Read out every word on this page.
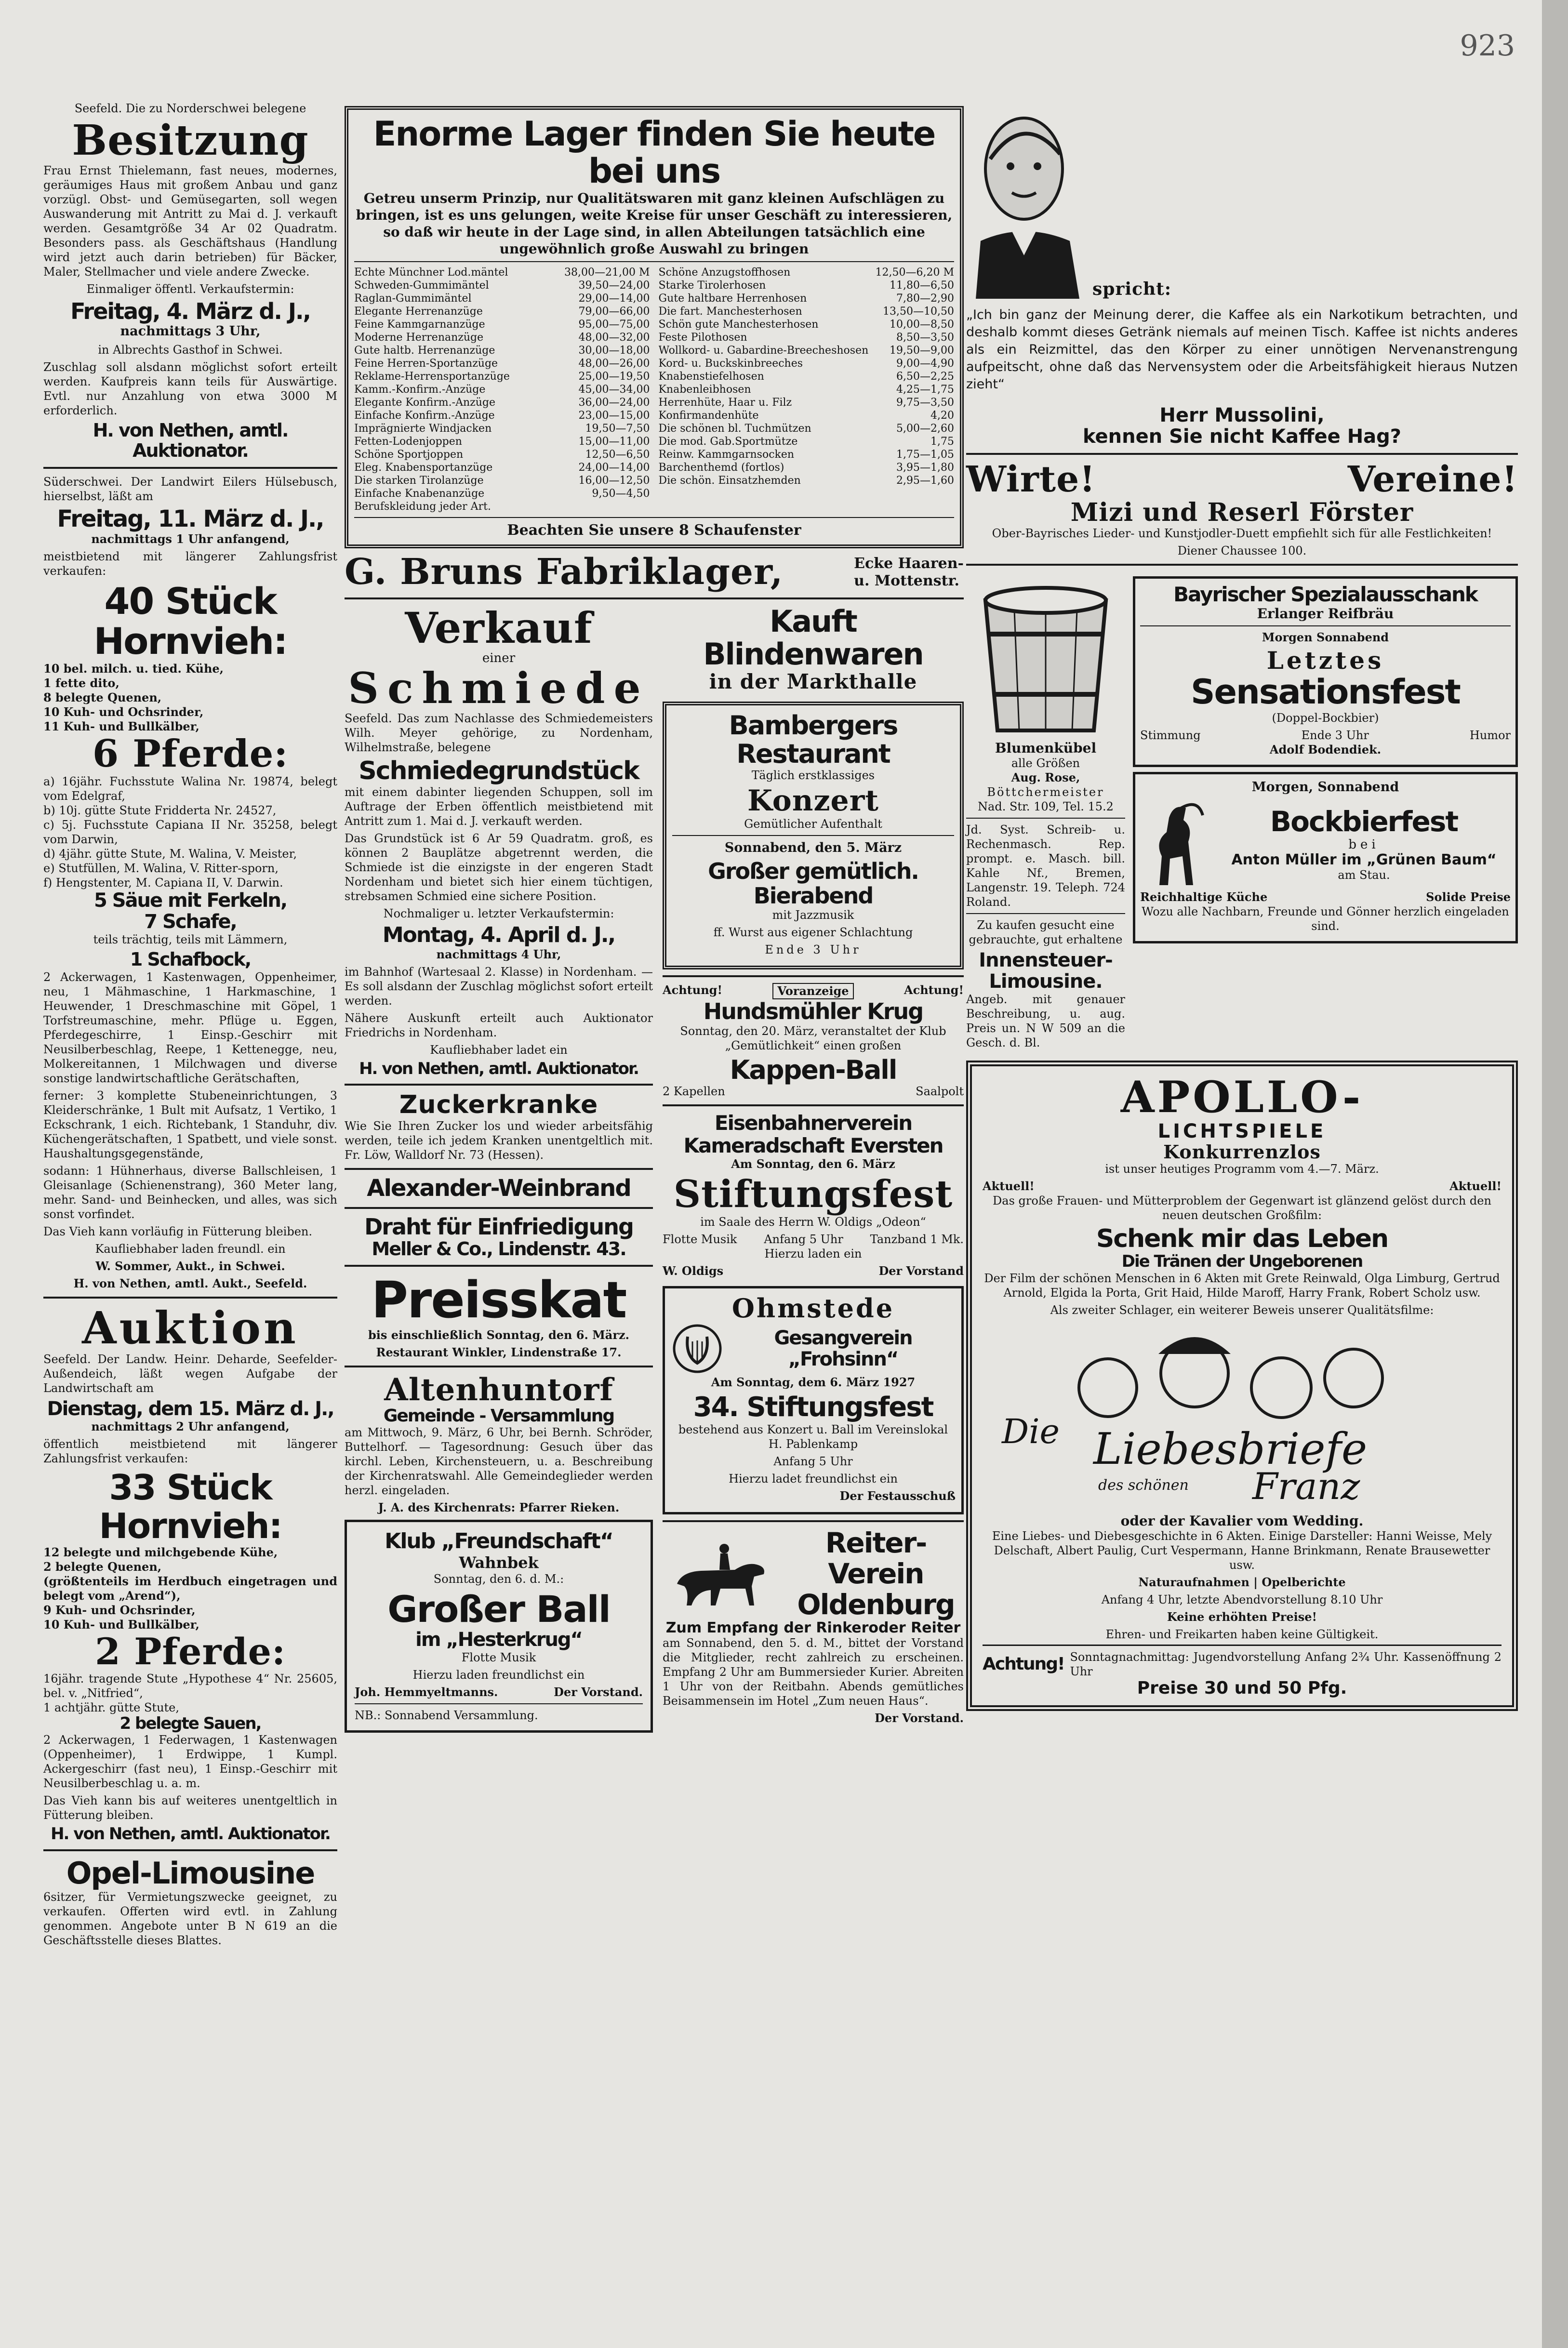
923

Seefeld. Die zu Norderschwei belegene

Besitzung

Frau Ernst Thielemann, fast neues, modernes, geräumiges Haus mit großem Anbau und ganz vorzügl. Obst- und Gemüsegarten, soll wegen Auswanderung mit Antritt zu Mai d. J. verkauft werden. Gesamtgröße 34 Ar 02 Quadratm. Besonders pass. als Geschäftshaus (Handlung wird jetzt auch darin betrieben) für Bäcker, Maler, Stellmacher und viele andere Zwecke.

Einmaliger öffentl. Verkaufstermin:

Freitag, 4. März d. J.,

nachmittags 3 Uhr,

in Albrechts Gasthof in Schwei.

Zuschlag soll alsdann möglichst sofort erteilt werden. Kaufpreis kann teils für Auswärtige. Evtl. nur Anzahlung von etwa 3000 M erforderlich.

H. von Nethen, amtl. Auktionator.

Süderschwei. Der Landwirt Eilers Hülsebusch, hierselbst, läßt am

Freitag, 11. März d. J.,

nachmittags 1 Uhr anfangend,

meistbietend mit längerer Zahlungsfrist verkaufen:

40 Stück Hornvieh:
10 bel. milch. u. tied. Kühe,
1 fette dito,
8 belegte Quenen,
10 Kuh- und Ochsrinder,
11 Kuh- und Bullkälber,
6 Pferde:
a) 16jähr. Fuchsstute Walina Nr. 19874, belegt vom Edelgraf,
b) 10j. gütte Stute Fridderta Nr. 24527,
c) 5j. Fuchsstute Capiana II Nr. 35258, belegt vom Darwin,
d) 4jähr. gütte Stute, M. Walina, V. Meister,
e) Stutfüllen, M. Walina, V. Ritter-sporn,
f) Hengstenter, M. Capiana II, V. Darwin.
5 Säue mit Ferkeln,
7 Schafe,

teils trächtig, teils mit Lämmern,

1 Schafbock,

2 Ackerwagen, 1 Kastenwagen, Oppenheimer, neu, 1 Mähmaschine, 1 Harkmaschine, 1 Heuwender, 1 Dreschmaschine mit Göpel, 1 Torfstreumaschine, mehr. Pflüge u. Eggen, Pferdegeschirre, 1 Einsp.-Geschirr mit Neusilberbeschlag, Reepe, 1 Kettenegge, neu, Molkereitannen, 1 Milchwagen und diverse sonstige landwirtschaftliche Gerätschaften,

ferner: 3 komplette Stubeneinrichtungen, 3 Kleiderschränke, 1 Bult mit Aufsatz, 1 Vertiko, 1 Eckschrank, 1 eich. Richtebank, 1 Standuhr, div. Küchengerätschaften, 1 Spatbett, und viele sonst. Haushaltungsgegenstände,

sodann: 1 Hühnerhaus, diverse Ballschleisen, 1 Gleisanlage (Schienenstrang), 360 Meter lang, mehr. Sand- und Beinhecken, und alles, was sich sonst vorfindet.

Das Vieh kann vorläufig in Fütterung bleiben.

Kaufliebhaber laden freundl. ein

W. Sommer, Aukt., in Schwei.

H. von Nethen, amtl. Aukt., Seefeld.

Auktion

Seefeld. Der Landw. Heinr. Deharde, Seefelder-Außendeich, läßt wegen Aufgabe der Landwirtschaft am

Dienstag, dem 15. März d. J.,

nachmittags 2 Uhr anfangend,

öffentlich meistbietend mit längerer Zahlungsfrist verkaufen:

33 Stück Hornvieh:
12 belegte und milchgebende Kühe,
2 belegte Quenen,
(größtenteils im Herdbuch eingetragen und belegt vom „Arend“),
9 Kuh- und Ochsrinder,
10 Kuh- und Bullkälber,
2 Pferde:
16jähr. tragende Stute „Hypothese 4“ Nr. 25605, bel. v. „Nitfried“,
1 achtjähr. gütte Stute,
2 belegte Sauen,

2 Ackerwagen, 1 Federwagen, 1 Kastenwagen (Oppenheimer), 1 Erdwippe, 1 Kumpl. Ackergeschirr (fast neu), 1 Einsp.-Geschirr mit Neusilberbeschlag u. a. m.

Das Vieh kann bis auf weiteres unentgeltlich in Fütterung bleiben.

H. von Nethen, amtl. Auktionator.
Opel-Limousine

6sitzer, für Vermietungszwecke geeignet, zu verkaufen. Offerten wird evtl. in Zahlung genommen. Angebote unter B N 619 an die Geschäftsstelle dieses Blattes.

Enorme Lager finden Sie heute bei uns

Getreu unserm Prinzip, nur Qualitätswaren mit ganz kleinen Aufschlägen zu bringen, ist es uns gelungen, weite Kreise für unser Geschäft zu interessieren, so daß wir heute in der Lage sind, in allen Abteilungen tatsächlich eine ungewöhnlich große Auswahl zu bringen

Echte Münchner Lod.mäntel	38,00—21,00 M
Schweden-Gummimäntel	39,50—24,00
Raglan-Gummimäntel	29,00—14,00
Elegante Herrenanzüge	79,00—66,00
Feine Kammgarnanzüge	95,00—75,00
Moderne Herrenanzüge	48,00—32,00
Gute haltb. Herrenanzüge	30,00—18,00
Feine Herren-Sportanzüge	48,00—26,00
Reklame-Herrensportanzüge	25,00—19,50
Kamm.-Konfirm.-Anzüge	45,00—34,00
Elegante Konfirm.-Anzüge	36,00—24,00
Einfache Konfirm.-Anzüge	23,00—15,00
Imprägnierte Windjacken	19,50—7,50
Fetten-Lodenjoppen	15,00—11,00
Schöne Sportjoppen	12,50—6,50
Eleg. Knabensportanzüge	24,00—14,00
Die starken Tirolanzüge	16,00—12,50
Einfache Knabenanzüge	9,50—4,50
Berufskleidung jeder Art.
Schöne Anzugstoffhosen	12,50—6,20 M
Starke Tirolerhosen	11,80—6,50
Gute haltbare Herrenhosen	7,80—2,90
Die fart. Manchesterhosen	13,50—10,50
Schön gute Manchesterhosen	10,00—8,50
Feste Pilothosen	8,50—3,50
Wollkord- u. Gabardine-Breecheshosen 19,50—9,00
Kord- u. Buckskinbreeches	9,00—4,90
Knabenstiefelhosen	6,50—2,25
Knabenleibhosen	4,25—1,75
Herrenhüte, Haar u. Filz	9,75—3,50
Konfirmandenhüte	4,20
Die schönen bl. Tuchmützen	5,00—2,60
Die mod. Gab.Sportmütze	1,75
Reinw. Kammgarnsocken	1,75—1,05
Barchenthemd (fortlos)	3,95—1,80
Die schön. Einsatzhemden	2,95—1,60
Beachten Sie unsere 8 Schaufenster
G. Bruns Fabriklager,	Ecke Haaren-
u. Mottenstr.
Verkauf
einer
Schmiede

Seefeld. Das zum Nachlasse des Schmiedemeisters Wilh. Meyer gehörige, zu Nordenham, Wilhelmstraße, belegene

Schmiedegrundstück

mit einem dabinter liegenden Schuppen, soll im Auftrage der Erben öffentlich meistbietend mit Antritt zum 1. Mai d. J. verkauft werden.

Das Grundstück ist 6 Ar 59 Quadratm. groß, es können 2 Bauplätze abgetrennt werden, die Schmiede ist die einzigste in der engeren Stadt Nordenham und bietet sich hier einem tüchtigen, strebsamen Schmied eine sichere Position.

Nochmaliger u. letzter Verkaufstermin:

Montag, 4. April d. J.,

nachmittags 4 Uhr,

im Bahnhof (Wartesaal 2. Klasse) in Nordenham. — Es soll alsdann der Zuschlag möglichst sofort erteilt werden.

Nähere Auskunft erteilt auch Auktionator Friedrichs in Nordenham.

Kaufliebhaber ladet ein

H. von Nethen, amtl. Auktionator.
Zuckerkranke

Wie Sie Ihren Zucker los und wieder arbeitsfähig werden, teile ich jedem Kranken unentgeltlich mit. Fr. Löw, Walldorf Nr. 73 (Hessen).

Alexander-Weinbrand
Draht für Einfriedigung
Meller & Co., Lindenstr. 43.
Preisskat

bis einschließlich Sonntag, den 6. März.

Restaurant Winkler, Lindenstraße 17.

Altenhuntorf
Gemeinde - Versammlung

am Mittwoch, 9. März, 6 Uhr, bei Bernh. Schröder, Buttelhorf. — Tagesordnung: Gesuch über das kirchl. Leben, Kirchensteuern, u. a. Beschreibung der Kirchenratswahl. Alle Gemeindeglieder werden herzl. eingeladen.

J. A. des Kirchenrats: Pfarrer Rieken.

Klub „Freundschaft“
Wahnbek

Sonntag, den 6. d. M.:

Großer Ball
im „Hesterkrug“

Flotte Musik

Hierzu laden freundlichst ein

Joh. Hemmyeltmanns.	Der Vorstand.

NB.: Sonnabend Versammlung.

Kauft Blindenwaren
in der Markthalle
Bambergers Restaurant

Täglich erstklassiges

Konzert

Gemütlicher Aufenthalt

Sonnabend, den 5. März

Großer gemütlich. Bierabend

mit Jazzmusik

ff. Wurst aus eigener Schlachtung

Ende 3 Uhr

Achtung!	Voranzeige	Achtung!
Hundsmühler Krug

Sonntag, den 20. März, veranstaltet der Klub „Gemütlichkeit“ einen großen

Kappen-Ball
2 Kapellen	Saalpolt
Eisenbahnerverein Kameradschaft Eversten

Am Sonntag, den 6. März

Stiftungsfest

im Saale des Herrn W. Oldigs „Odeon“

Flotte Musik Anfang 5 Uhr Tanzband 1 Mk.

Hierzu laden ein

W. Oldigs	Der Vorstand
Ohmstede
Gesangverein „Frohsinn“

Am Sonntag, dem 6. März 1927

34. Stiftungsfest

bestehend aus Konzert u. Ball im Vereinslokal H. Pablenkamp

Anfang 5 Uhr

Hierzu ladet freundlichst ein

Der Festausschuß

Reiter-Verein
Oldenburg
Zum Empfang der Rinkeroder Reiter

am Sonnabend, den 5. d. M., bittet der Vorstand die Mitglieder, recht zahlreich zu erscheinen. Empfang 2 Uhr am Bummersieder Kurier. Abreiten 1 Uhr von der Reitbahn. Abends gemütliches Beisammensein im Hotel „Zum neuen Haus“.

Der Vorstand.

spricht:

„Ich bin ganz der Meinung derer, die Kaffee als ein Narkotikum betrachten, und deshalb kommt dieses Getränk niemals auf meinen Tisch. Kaffee ist nichts anderes als ein Reizmittel, das den Körper zu einer unnötigen Nervenanstrengung aufpeitscht, ohne daß das Nervensystem oder die Arbeitsfähigkeit hieraus Nutzen zieht“

Herr Mussolini,
kennen Sie nicht Kaffee Hag?
Wirte!	Vereine!
Mizi und Reserl Förster

Ober-Bayrisches Lieder- und Kunstjodler-Duett empfiehlt sich für alle Festlichkeiten!

Diener Chaussee 100.

Blumenkübel

alle Größen

Aug. Rose,

Böttchermeister

Nad. Str. 109, Tel. 15.2

Jd. Syst. Schreib- u. Rechenmasch. Rep. prompt. e. Masch. bill. Kahle Nf., Bremen, Langenstr. 19. Teleph. 724 Roland.

Zu kaufen gesucht eine gebrauchte, gut erhaltene

Innensteuer-Limousine.

Angeb. mit genauer Beschreibung, u. aug. Preis un. N W 509 an die Gesch. d. Bl.

Bayrischer Spezialausschank
Erlanger Reifbräu

Morgen Sonnabend

Letztes
Sensationsfest

(Doppel-Bockbier)

Stimmung	Ende 3 Uhr	Humor

Adolf Bodendiek.

Morgen, Sonnabend

Bockbierfest
bei
Anton Müller im „Grünen Baum“

am Stau.

Reichhaltige Küche	Solide Preise

Wozu alle Nachbarn, Freunde und Gönner herzlich eingeladen sind.

APOLLO-
LICHTSPIELE
Konkurrenzlos

ist unser heutiges Programm vom 4.—7. März.

Aktuell!	Aktuell!

Das große Frauen- und Mütterproblem der Gegenwart ist glänzend gelöst durch den neuen deutschen Großfilm:

Schenk mir das Leben
Die Tränen der Ungeborenen

Der Film der schönen Menschen in 6 Akten mit Grete Reinwald, Olga Limburg, Gertrud Arnold, Elgida la Porta, Grit Haid, Hilde Maroff, Harry Frank, Robert Scholz usw.

Als zweiter Schlager, ein weiterer Beweis unserer Qualitätsfilme:

Die Liebesbriefe
des schönen Franz
oder der Kavalier vom Wedding.

Eine Liebes- und Diebesgeschichte in 6 Akten. Einige Darsteller: Hanni Weisse, Mely Delschaft, Albert Paulig, Curt Vespermann, Hanne Brinkmann, Renate Brausewetter usw.

Naturaufnahmen | Opelberichte

Anfang 4 Uhr, letzte Abendvorstellung 8.10 Uhr

Keine erhöhten Preise!

Ehren- und Freikarten haben keine Gültigkeit.

Achtung! Sonntagnachmittag: Jugendvorstellung Anfang 2¾ Uhr. Kassenöffnung 2 Uhr
Preise 30 und 50 Pfg.
